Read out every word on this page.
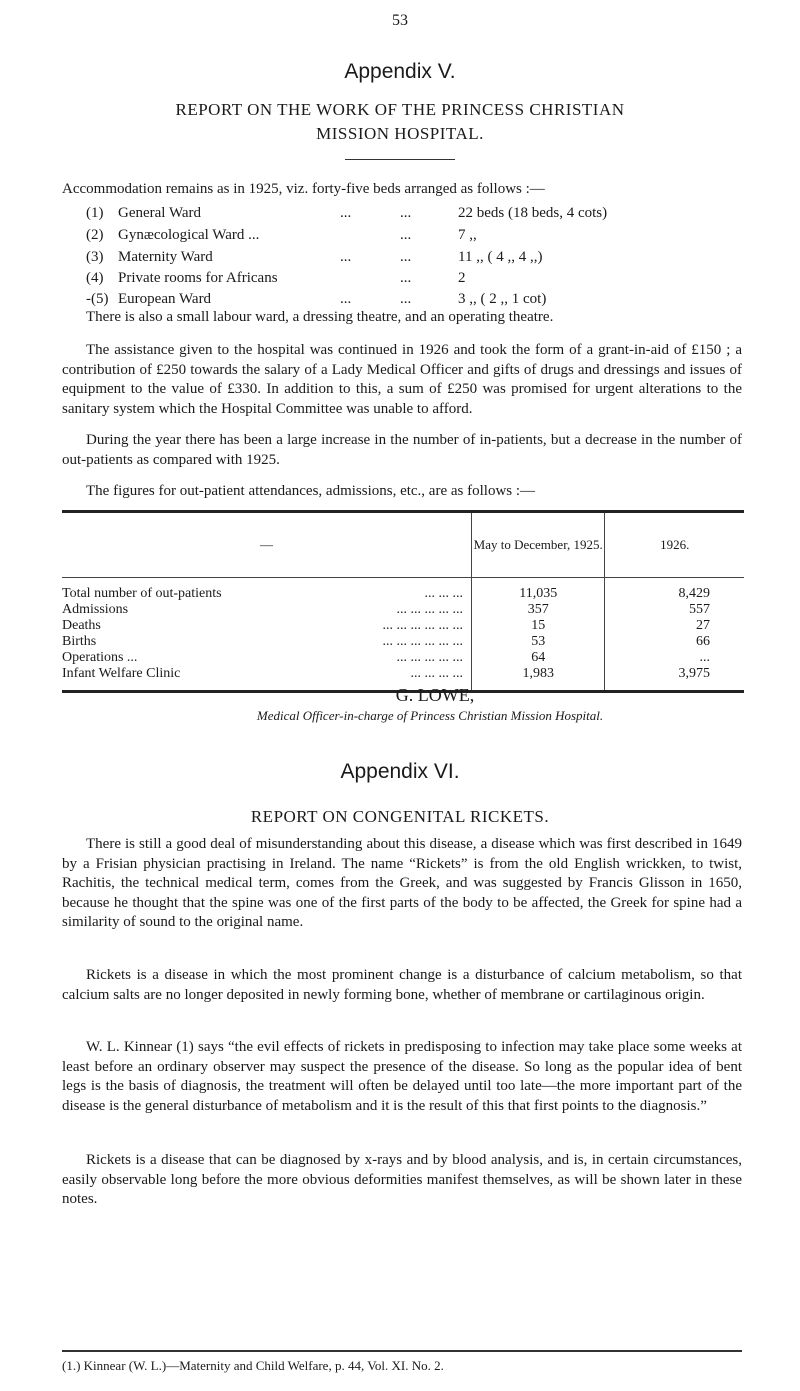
53
Appendix V.
REPORT ON THE WORK OF THE PRINCESS CHRISTIAN
MISSION HOSPITAL.
Accommodation remains as in 1925, viz. forty-five beds arranged as follows :—
(1) General Ward	...	...	22 beds (18 beds, 4 cots)
(2) Gynæcological Ward ...	...	7 ,,
(3) Maternity Ward	...	...	11 ,, ( 4 ,, 4 ,,)
(4) Private rooms for Africans	...	2
-(5) European Ward	...	...	3 ,, ( 2 ,, 1 cot)
There is also a small labour ward, a dressing theatre, and an operating theatre.
The assistance given to the hospital was continued in 1926 and took the form of a grant-in-aid of £150 ; a contribution of £250 towards the salary of a Lady Medical Officer and gifts of drugs and dressings and issues of equipment to the value of £330. In addition to this, a sum of £250 was promised for urgent alterations to the sanitary system which the Hospital Committee was unable to afford.
During the year there has been a large increase in the number of in-patients, but a decrease in the number of out-patients as compared with 1925.
The figures for out-patient attendances, admissions, etc., are as follows :—
—	May to December, 1925.	1926.
Total number of out-patients ... ... ...	11,035	8,429
Admissions ... ... ... ... ...	357	557
Deaths ... ... ... ... ... ...	15	27
Births ... ... ... ... ... ...	53	66
Operations ... ... ... ... ... ...	64	...
Infant Welfare Clinic ... ... ... ...	1,983	3,975
G. LOWE,
Medical Officer-in-charge of Princess Christian Mission Hospital.
Appendix VI.
REPORT ON CONGENITAL RICKETS.
There is still a good deal of misunderstanding about this disease, a disease which was first described in 1649 by a Frisian physician practising in Ireland. The name “Rickets” is from the old English wrickken, to twist, Rachitis, the technical medical term, comes from the Greek, and was suggested by Francis Glisson in 1650, because he thought that the spine was one of the first parts of the body to be affected, the Greek for spine had a similarity of sound to the original name.
Rickets is a disease in which the most prominent change is a disturbance of calcium metabolism, so that calcium salts are no longer deposited in newly forming bone, whether of membrane or cartilaginous origin.
W. L. Kinnear (1) says “the evil effects of rickets in predisposing to infection may take place some weeks at least before an ordinary observer may suspect the presence of the disease. So long as the popular idea of bent legs is the basis of diagnosis, the treatment will often be delayed until too late—the more important part of the disease is the general disturbance of metabolism and it is the result of this that first points to the diagnosis.”
Rickets is a disease that can be diagnosed by x-rays and by blood analysis, and is, in certain circumstances, easily observable long before the more obvious deformities manifest themselves, as will be shown later in these notes.
(1.) Kinnear (W. L.)—Maternity and Child Welfare, p. 44, Vol. XI. No. 2.
